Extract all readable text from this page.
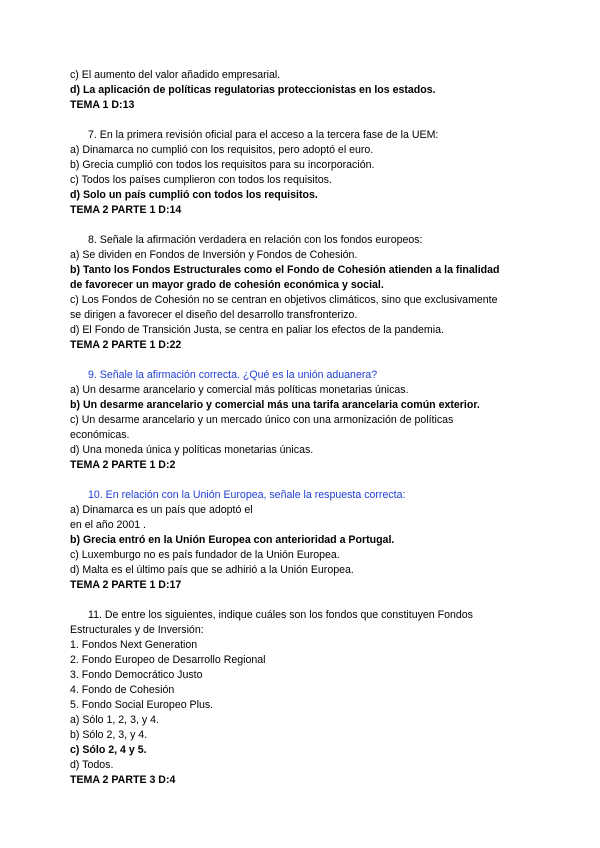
c) El aumento del valor añadido empresarial.
d) La aplicación de políticas regulatorias proteccionistas en los estados.
TEMA 1 D:13
7. En la primera revisión oficial para el acceso a la tercera fase de la UEM:
a) Dinamarca no cumplió con los requisitos, pero adoptó el euro.
b) Grecia cumplió con todos los requisitos para su incorporación.
c) Todos los países cumplieron con todos los requisitos.
d) Solo un país cumplió con todos los requisitos.
TEMA 2 PARTE 1 D:14
8. Señale la afirmación verdadera en relación con los fondos europeos:
a) Se dividen en Fondos de Inversión y Fondos de Cohesión.
b) Tanto los Fondos Estructurales como el Fondo de Cohesión atienden a la finalidad
de favorecer un mayor grado de cohesión económica y social.
c) Los Fondos de Cohesión no se centran en objetivos climáticos, sino que exclusivamente
se dirigen a favorecer el diseño del desarrollo transfronterizo.
d) El Fondo de Transición Justa, se centra en paliar los efectos de la pandemia.
TEMA 2 PARTE 1 D:22
9. Señale la afirmación correcta. ¿Qué es la unión aduanera?
a) Un desarme arancelario y comercial más políticas monetarias únicas.
b) Un desarme arancelario y comercial más una tarifa arancelaria común exterior.
c) Un desarme arancelario y un mercado único con una armonización de políticas
económicas.
d) Una moneda única y políticas monetarias únicas.
TEMA 2 PARTE 1 D:2
10. En relación con la Unión Europea, señale la respuesta correcta:
a) Dinamarca es un país que adoptó el
en el año 2001 .
b) Grecia entró en la Unión Europea con anterioridad a Portugal.
c) Luxemburgo no es país fundador de la Unión Europea.
d) Malta es el último país que se adhirió a la Unión Europea.
TEMA 2 PARTE 1 D:17
11. De entre los siguientes, indique cuáles son los fondos que constituyen Fondos
Estructurales y de Inversión:
1. Fondos Next Generation
2. Fondo Europeo de Desarrollo Regional
3. Fondo Democrático Justo
4. Fondo de Cohesión
5. Fondo Social Europeo Plus.
a) Sólo 1, 2, 3, y 4.
b) Sólo 2, 3, y 4.
c) Sólo 2, 4 y 5.
d) Todos.
TEMA 2 PARTE 3 D:4
